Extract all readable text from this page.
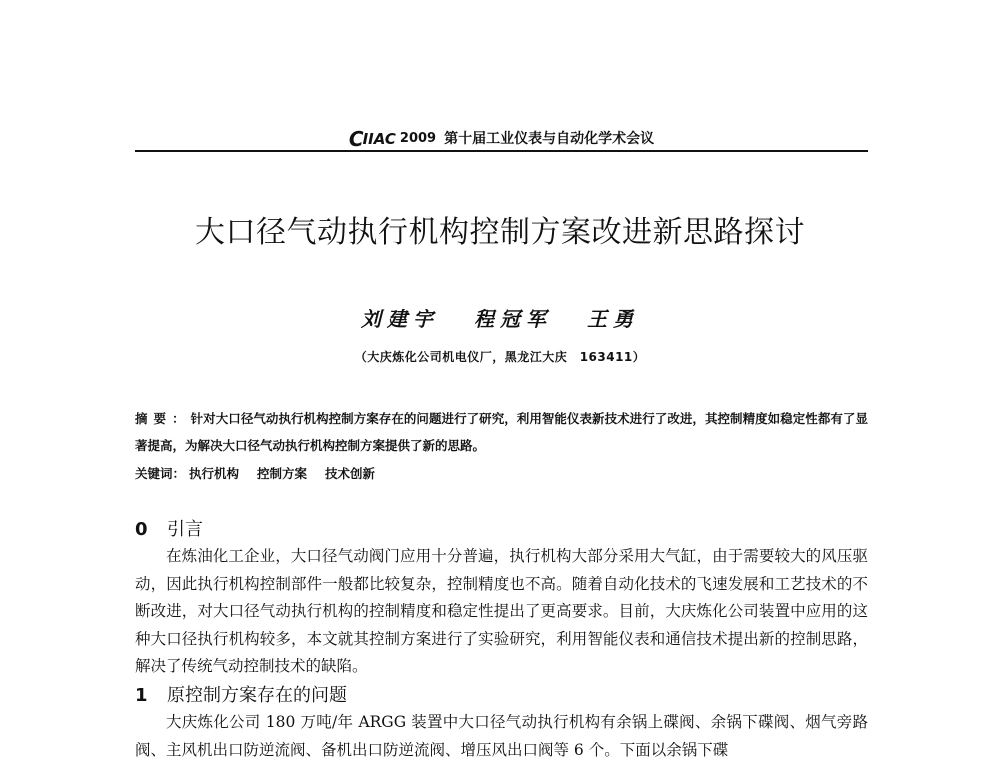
C IIAC 2009 第十届工业仪表与自动化学术会议
大口径气动执行机构控制方案改进新思路探讨
刘建宇 程冠军 王勇
（大庆炼化公司机电仪厂，黑龙江大庆　163411）
摘要：针对大口径气动执行机构控制方案存在的问题进行了研究，利用智能仪表新技术进行了改进，其控制精度如稳定性都有了显著提高，为解决大口径气动执行机构控制方案提供了新的思路。
关键词： 执行机构 控制方案 技术创新
0 引言

在炼油化工企业，大口径气动阀门应用十分普遍，执行机构大部分采用大气缸，由于需要较大的风压驱动，因此执行机构控制部件一般都比较复杂，控制精度也不高。随着自动化技术的飞速发展和工艺技术的不断改进，对大口径气动执行机构的控制精度和稳定性提出了更高要求。目前，大庆炼化公司装置中应用的这种大口径执行机构较多，本文就其控制方案进行了实验研究，利用智能仪表和通信技术提出新的控制思路，解决了传统气动控制技术的缺陷。

1 原控制方案存在的问题

大庆炼化公司 180 万吨/年 ARGG 装置中大口径气动执行机构有余锅上碟阀、余锅下碟阀、烟气旁路阀、主风机出口防逆流阀、备机出口防逆流阀、增压风出口阀等 6 个。下面以余锅下碟
